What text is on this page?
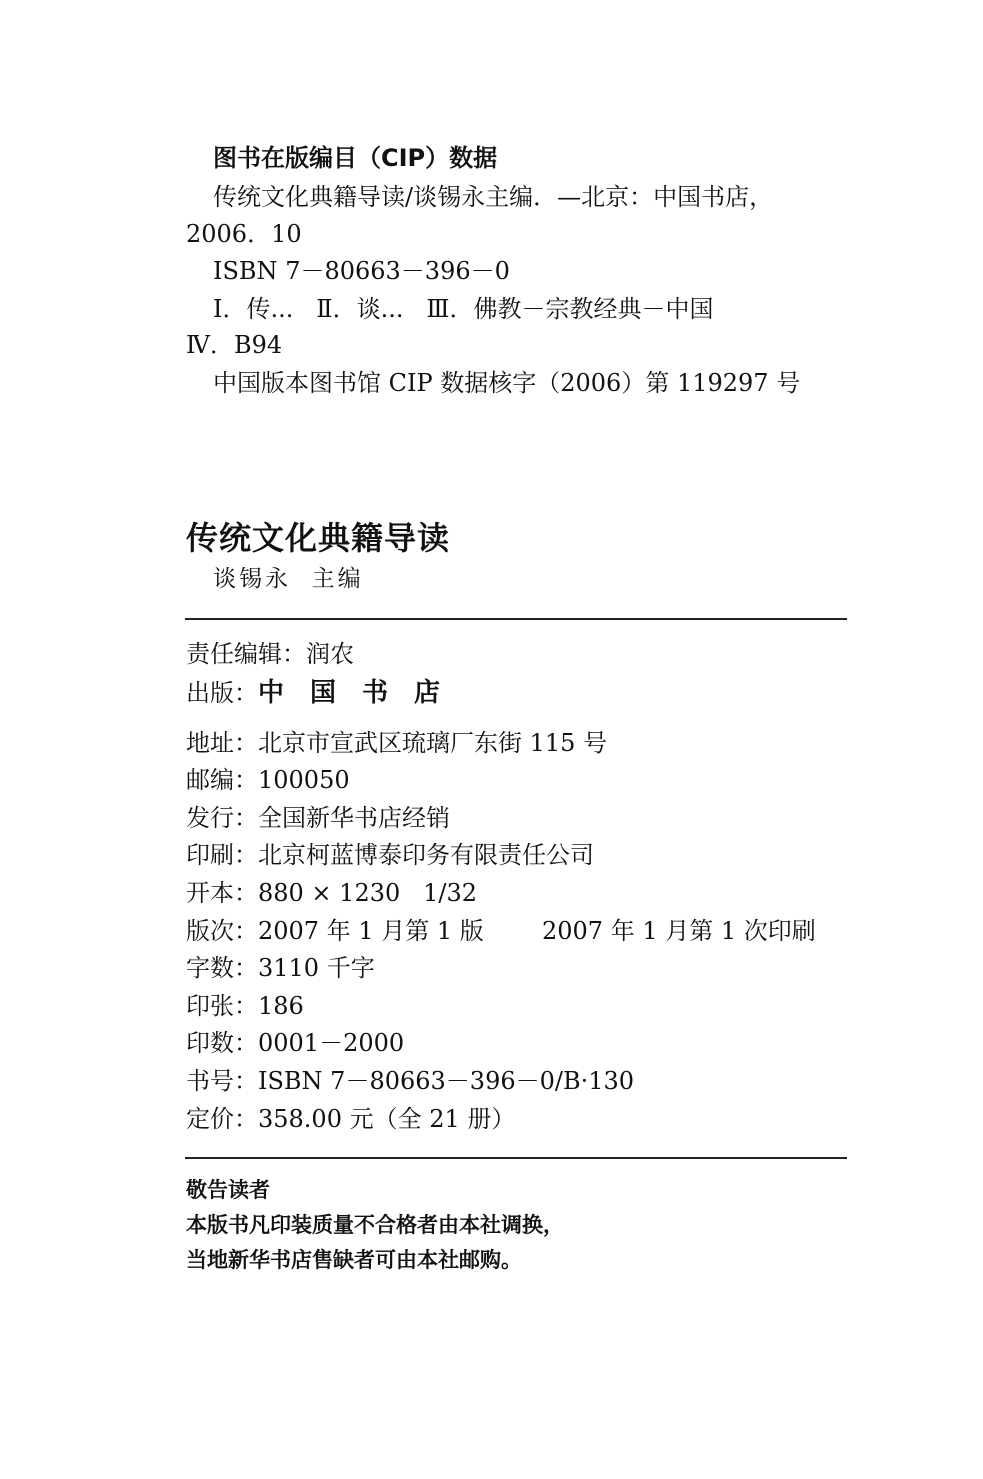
图书在版编目（CIP）数据
传统文化典籍导读/谈锡永主编．—北京：中国书店，
2006．10
ISBN 7－80663－396－0
Ⅰ．传...   Ⅱ．谈...   Ⅲ．佛教－宗教经典－中国
Ⅳ．B94
中国版本图书馆 CIP 数据核字（2006）第 119297 号
传统文化典籍导读
谈锡永  主编
责任编辑：润农
出版：中国书店
地址：北京市宣武区琉璃厂东街 115 号
邮编：100050
发行：全国新华书店经销
印刷：北京柯蓝博泰印务有限责任公司
开本：880 × 1230   1/32
版次：2007 年 1 月第 1 版 2007 年 1 月第 1 次印刷
字数：3110 千字
印张：186
印数：0001－2000
书号：ISBN 7－80663－396－0/B·130
定价：358.00 元（全 21 册）
敬告读者
本版书凡印装质量不合格者由本社调换，
当地新华书店售缺者可由本社邮购。
